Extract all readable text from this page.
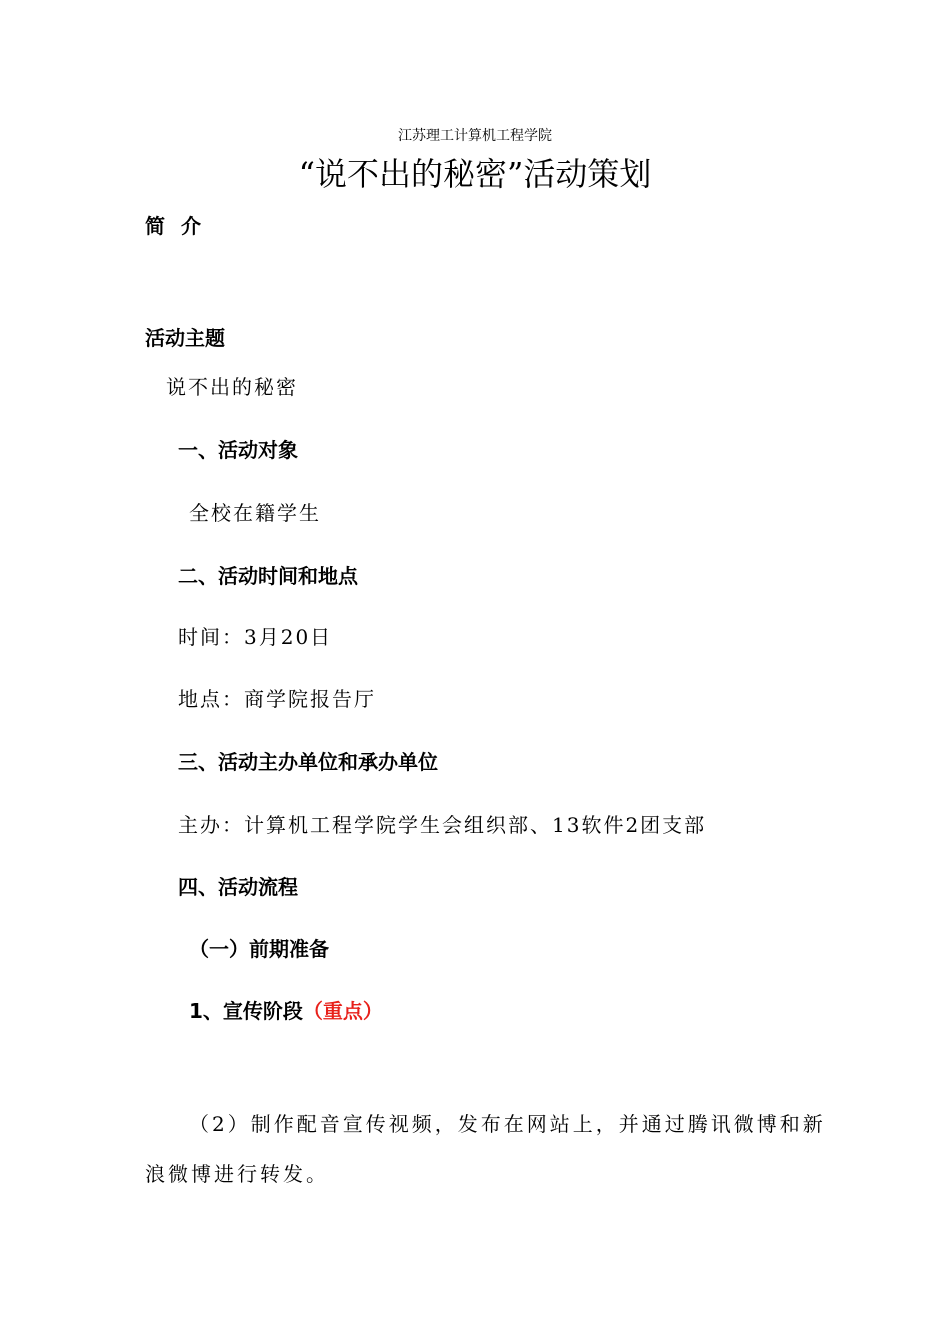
江苏理工计算机工程学院
“说不出的秘密”活动策划
简介
活动主题
说不出的秘密
一、活动对象
全校在籍学生
二、活动时间和地点
时间：3月20日
地点：商学院报告厅
三、活动主办单位和承办单位
主办：计算机工程学院学生会组织部、13软件2团支部
四、活动流程
（一）前期准备
1、宣传阶段（重点）
（2）制作配音宣传视频，发布在网站上，并通过腾讯微博和新
浪微博进行转发。
